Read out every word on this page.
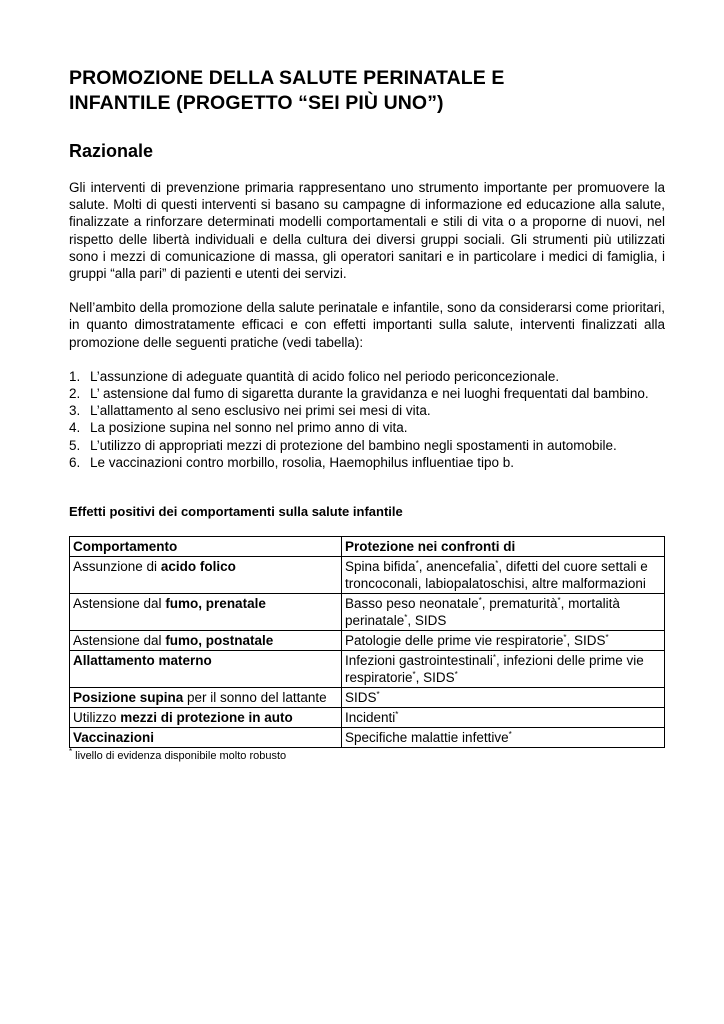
PROMOZIONE DELLA SALUTE PERINATALE E
INFANTILE (PROGETTO “SEI PIÙ UNO”)
Razionale

Gli interventi di prevenzione primaria rappresentano uno strumento importante per promuovere la salute. Molti di questi interventi si basano su campagne di informazione ed educazione alla salute, finalizzate a rinforzare determinati modelli comportamentali e stili di vita o a proporne di nuovi, nel rispetto delle libertà individuali e della cultura dei diversi gruppi sociali. Gli strumenti più utilizzati sono i mezzi di comunicazione di massa, gli operatori sanitari e in particolare i medici di famiglia, i gruppi “alla pari” di pazienti e utenti dei servizi.

Nell’ambito della promozione della salute perinatale e infantile, sono da considerarsi come prioritari, in quanto dimostratamente efficaci e con effetti importanti sulla salute, interventi finalizzati alla promozione delle seguenti pratiche (vedi tabella):

1. L’assunzione di adeguate quantità di acido folico nel periodo periconcezionale.
2. L’ astensione dal fumo di sigaretta durante la gravidanza e nei luoghi frequentati dal bambino.
3. L’allattamento al seno esclusivo nei primi sei mesi di vita.
4. La posizione supina nel sonno nel primo anno di vita.
5. L’utilizzo di appropriati mezzi di protezione del bambino negli spostamenti in automobile.
6. Le vaccinazioni contro morbillo, rosolia, Haemophilus influentiae tipo b.
Effetti positivi dei comportamenti sulla salute infantile
Comportamento	Protezione nei confronti di
Assunzione di acido folico	Spina bifida*, anencefalia*, difetti del cuore settali e troncoconali, labiopalatoschisi, altre malformazioni
Astensione dal fumo, prenatale	Basso peso neonatale*, prematurità*, mortalità perinatale*, SIDS
Astensione dal fumo, postnatale	Patologie delle prime vie respiratorie*, SIDS*
Allattamento materno	Infezioni gastrointestinali*, infezioni delle prime vie respiratorie*, SIDS*
Posizione supina per il sonno del lattante	SIDS*
Utilizzo mezzi di protezione in auto	Incidenti*
Vaccinazioni	Specifiche malattie infettive*
* livello di evidenza disponibile molto robusto
